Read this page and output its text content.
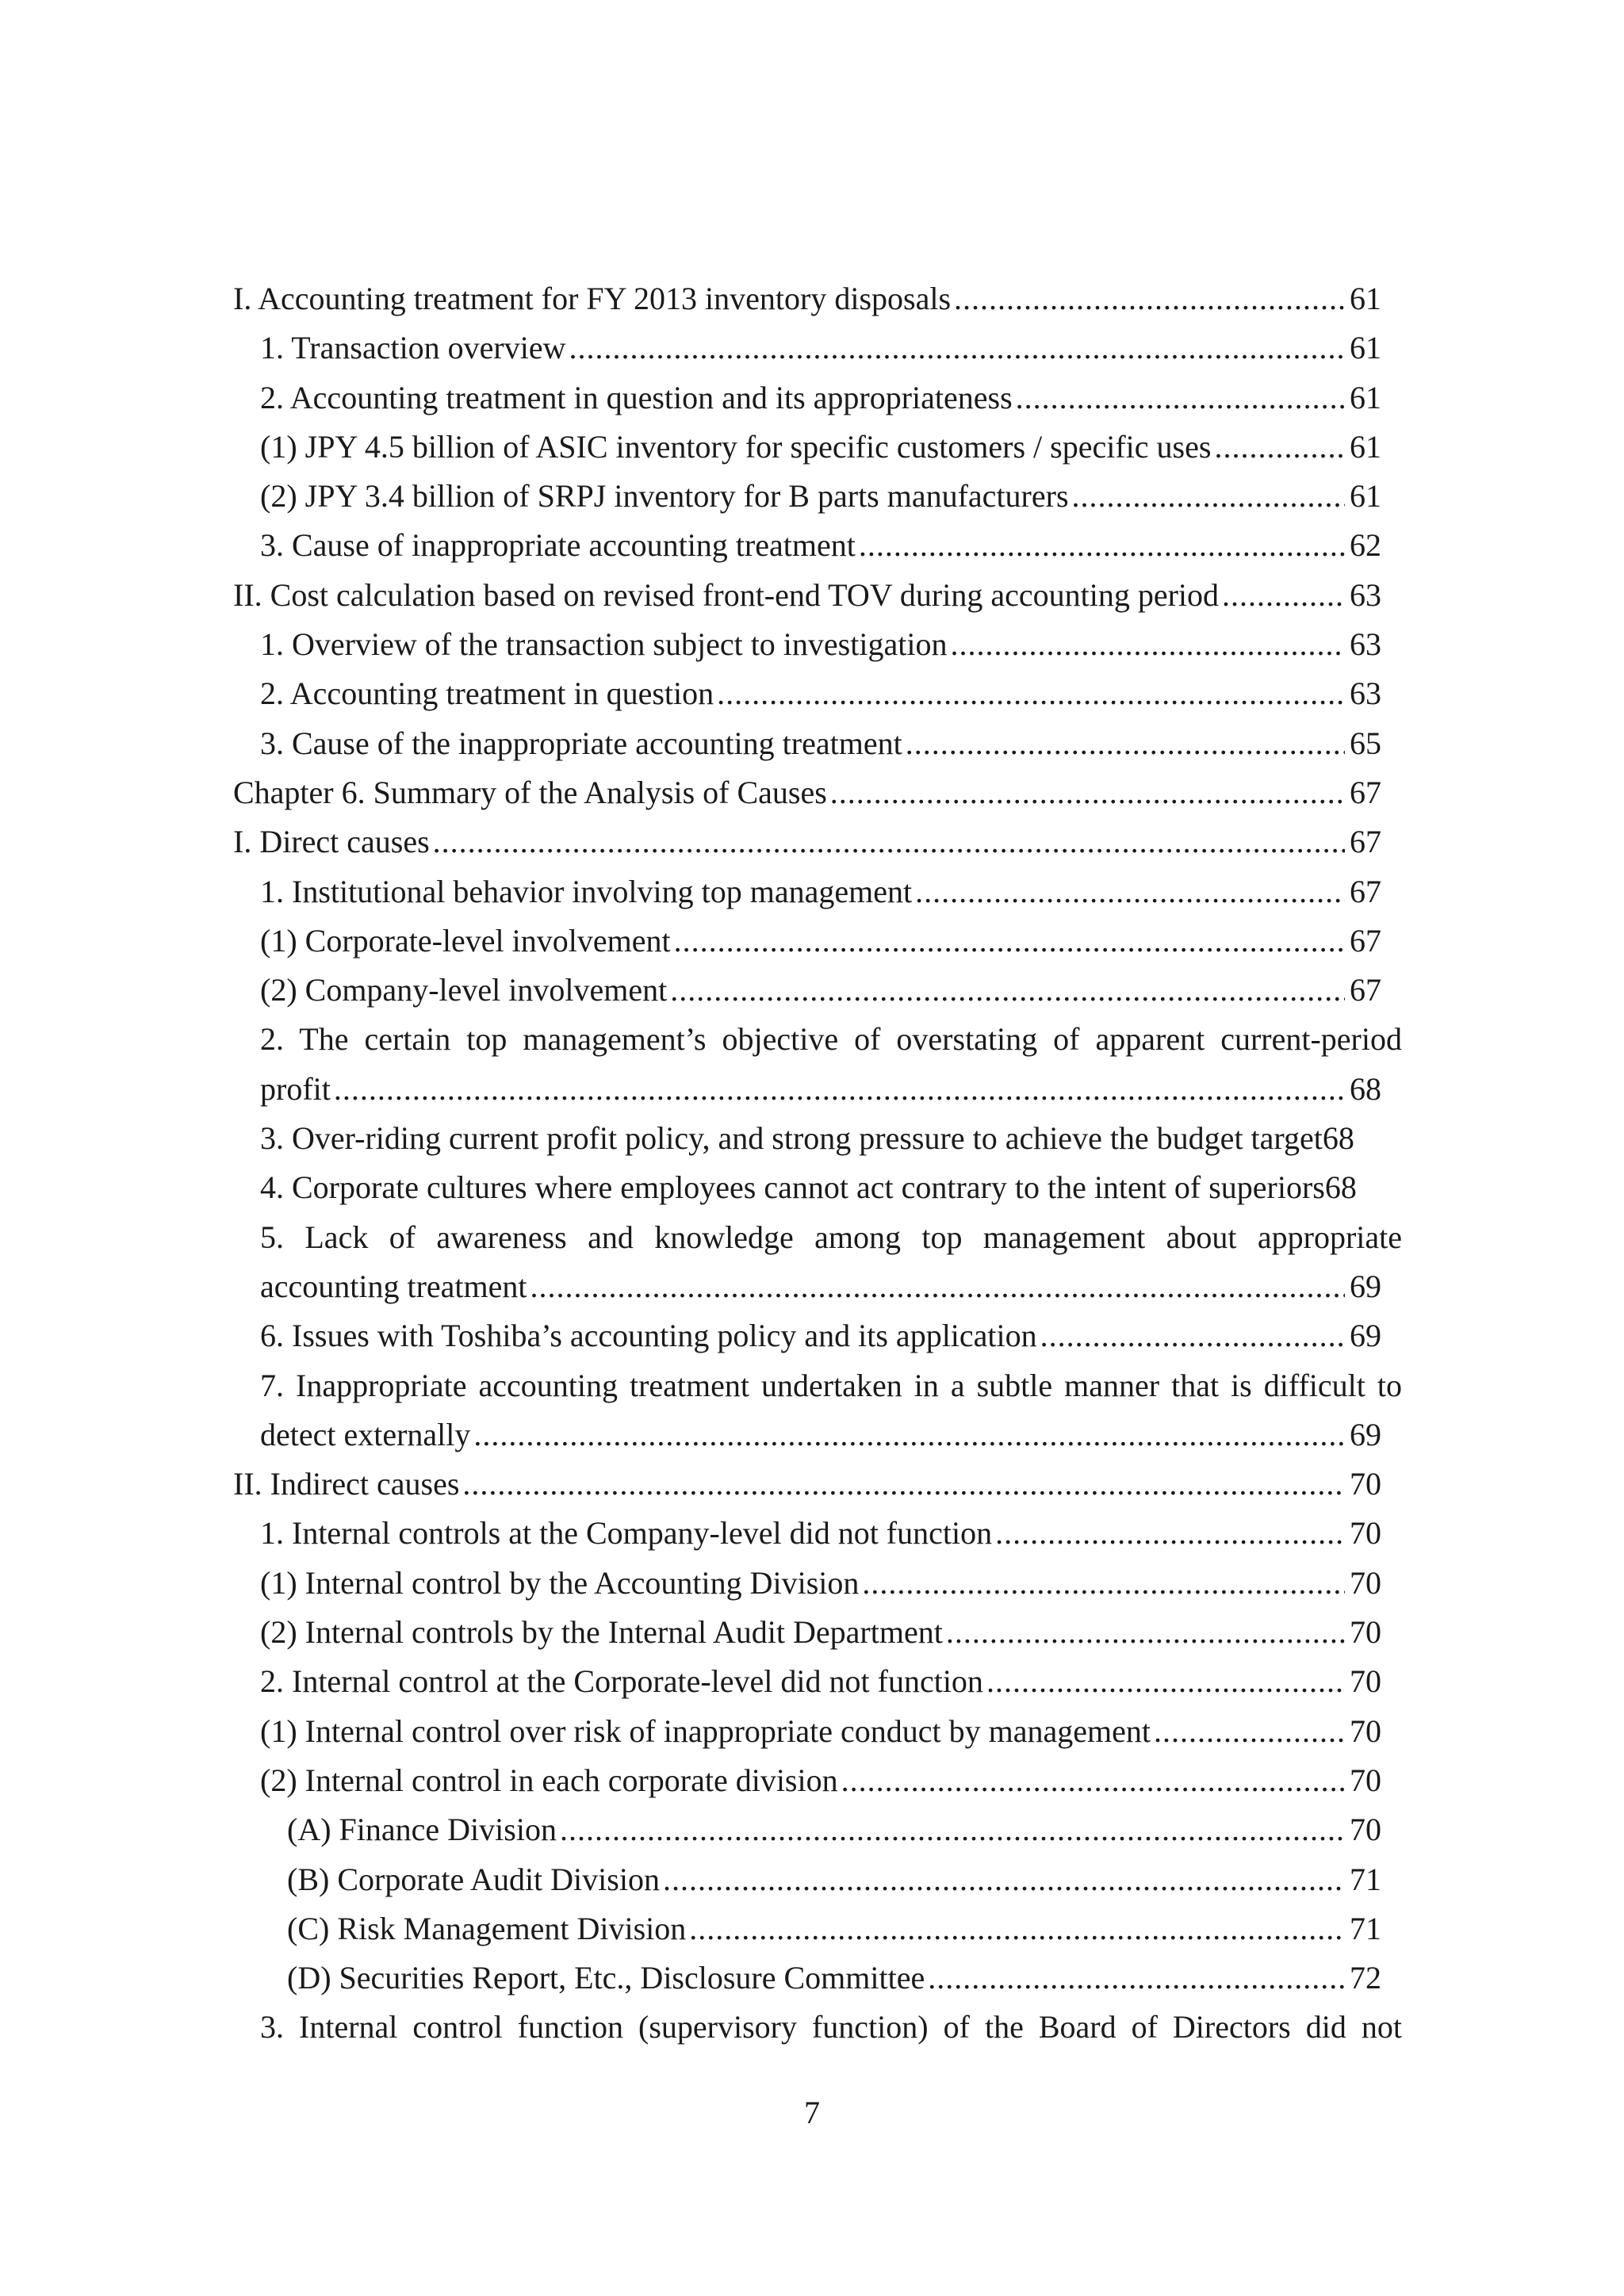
I. Accounting treatment for FY 2013 inventory disposals .....	61
1. Transaction overview .....	61
2. Accounting treatment in question and its appropriateness .....	61
(1) JPY 4.5 billion of ASIC inventory for specific customers / specific uses .....	61
(2) JPY 3.4 billion of SRPJ inventory for B parts manufacturers .....	61
3. Cause of inappropriate accounting treatment .....	62
II. Cost calculation based on revised front-end TOV during accounting period .....	63
1. Overview of the transaction subject to investigation .....	63
2. Accounting treatment in question .....	63
3. Cause of the inappropriate accounting treatment .....	65
Chapter 6. Summary of the Analysis of Causes .....	67
I. Direct causes .....	67
1. Institutional behavior involving top management .....	67
(1) Corporate-level involvement .....	67
(2) Company-level involvement .....	67
2. The certain top management’s objective of overstating of apparent current-period
profit .....	68
3. Over-riding current profit policy, and strong pressure to achieve the budget target 68
4. Corporate cultures where employees cannot act contrary to the intent of superiors 68
5. Lack of awareness and knowledge among top management about appropriate
accounting treatment .....	69
6. Issues with Toshiba’s accounting policy and its application .....	69
7. Inappropriate accounting treatment undertaken in a subtle manner that is difficult to
detect externally .....	69
II. Indirect causes .....	70
1. Internal controls at the Company-level did not function .....	70
(1) Internal control by the Accounting Division .....	70
(2) Internal controls by the Internal Audit Department .....	70
2. Internal control at the Corporate-level did not function .....	70
(1) Internal control over risk of inappropriate conduct by management .....	70
(2) Internal control in each corporate division .....	70
(A) Finance Division .....	70
(B) Corporate Audit Division .....	71
(C) Risk Management Division .....	71
(D) Securities Report, Etc., Disclosure Committee .....	72
3. Internal control function (supervisory function) of the Board of Directors did not
7
